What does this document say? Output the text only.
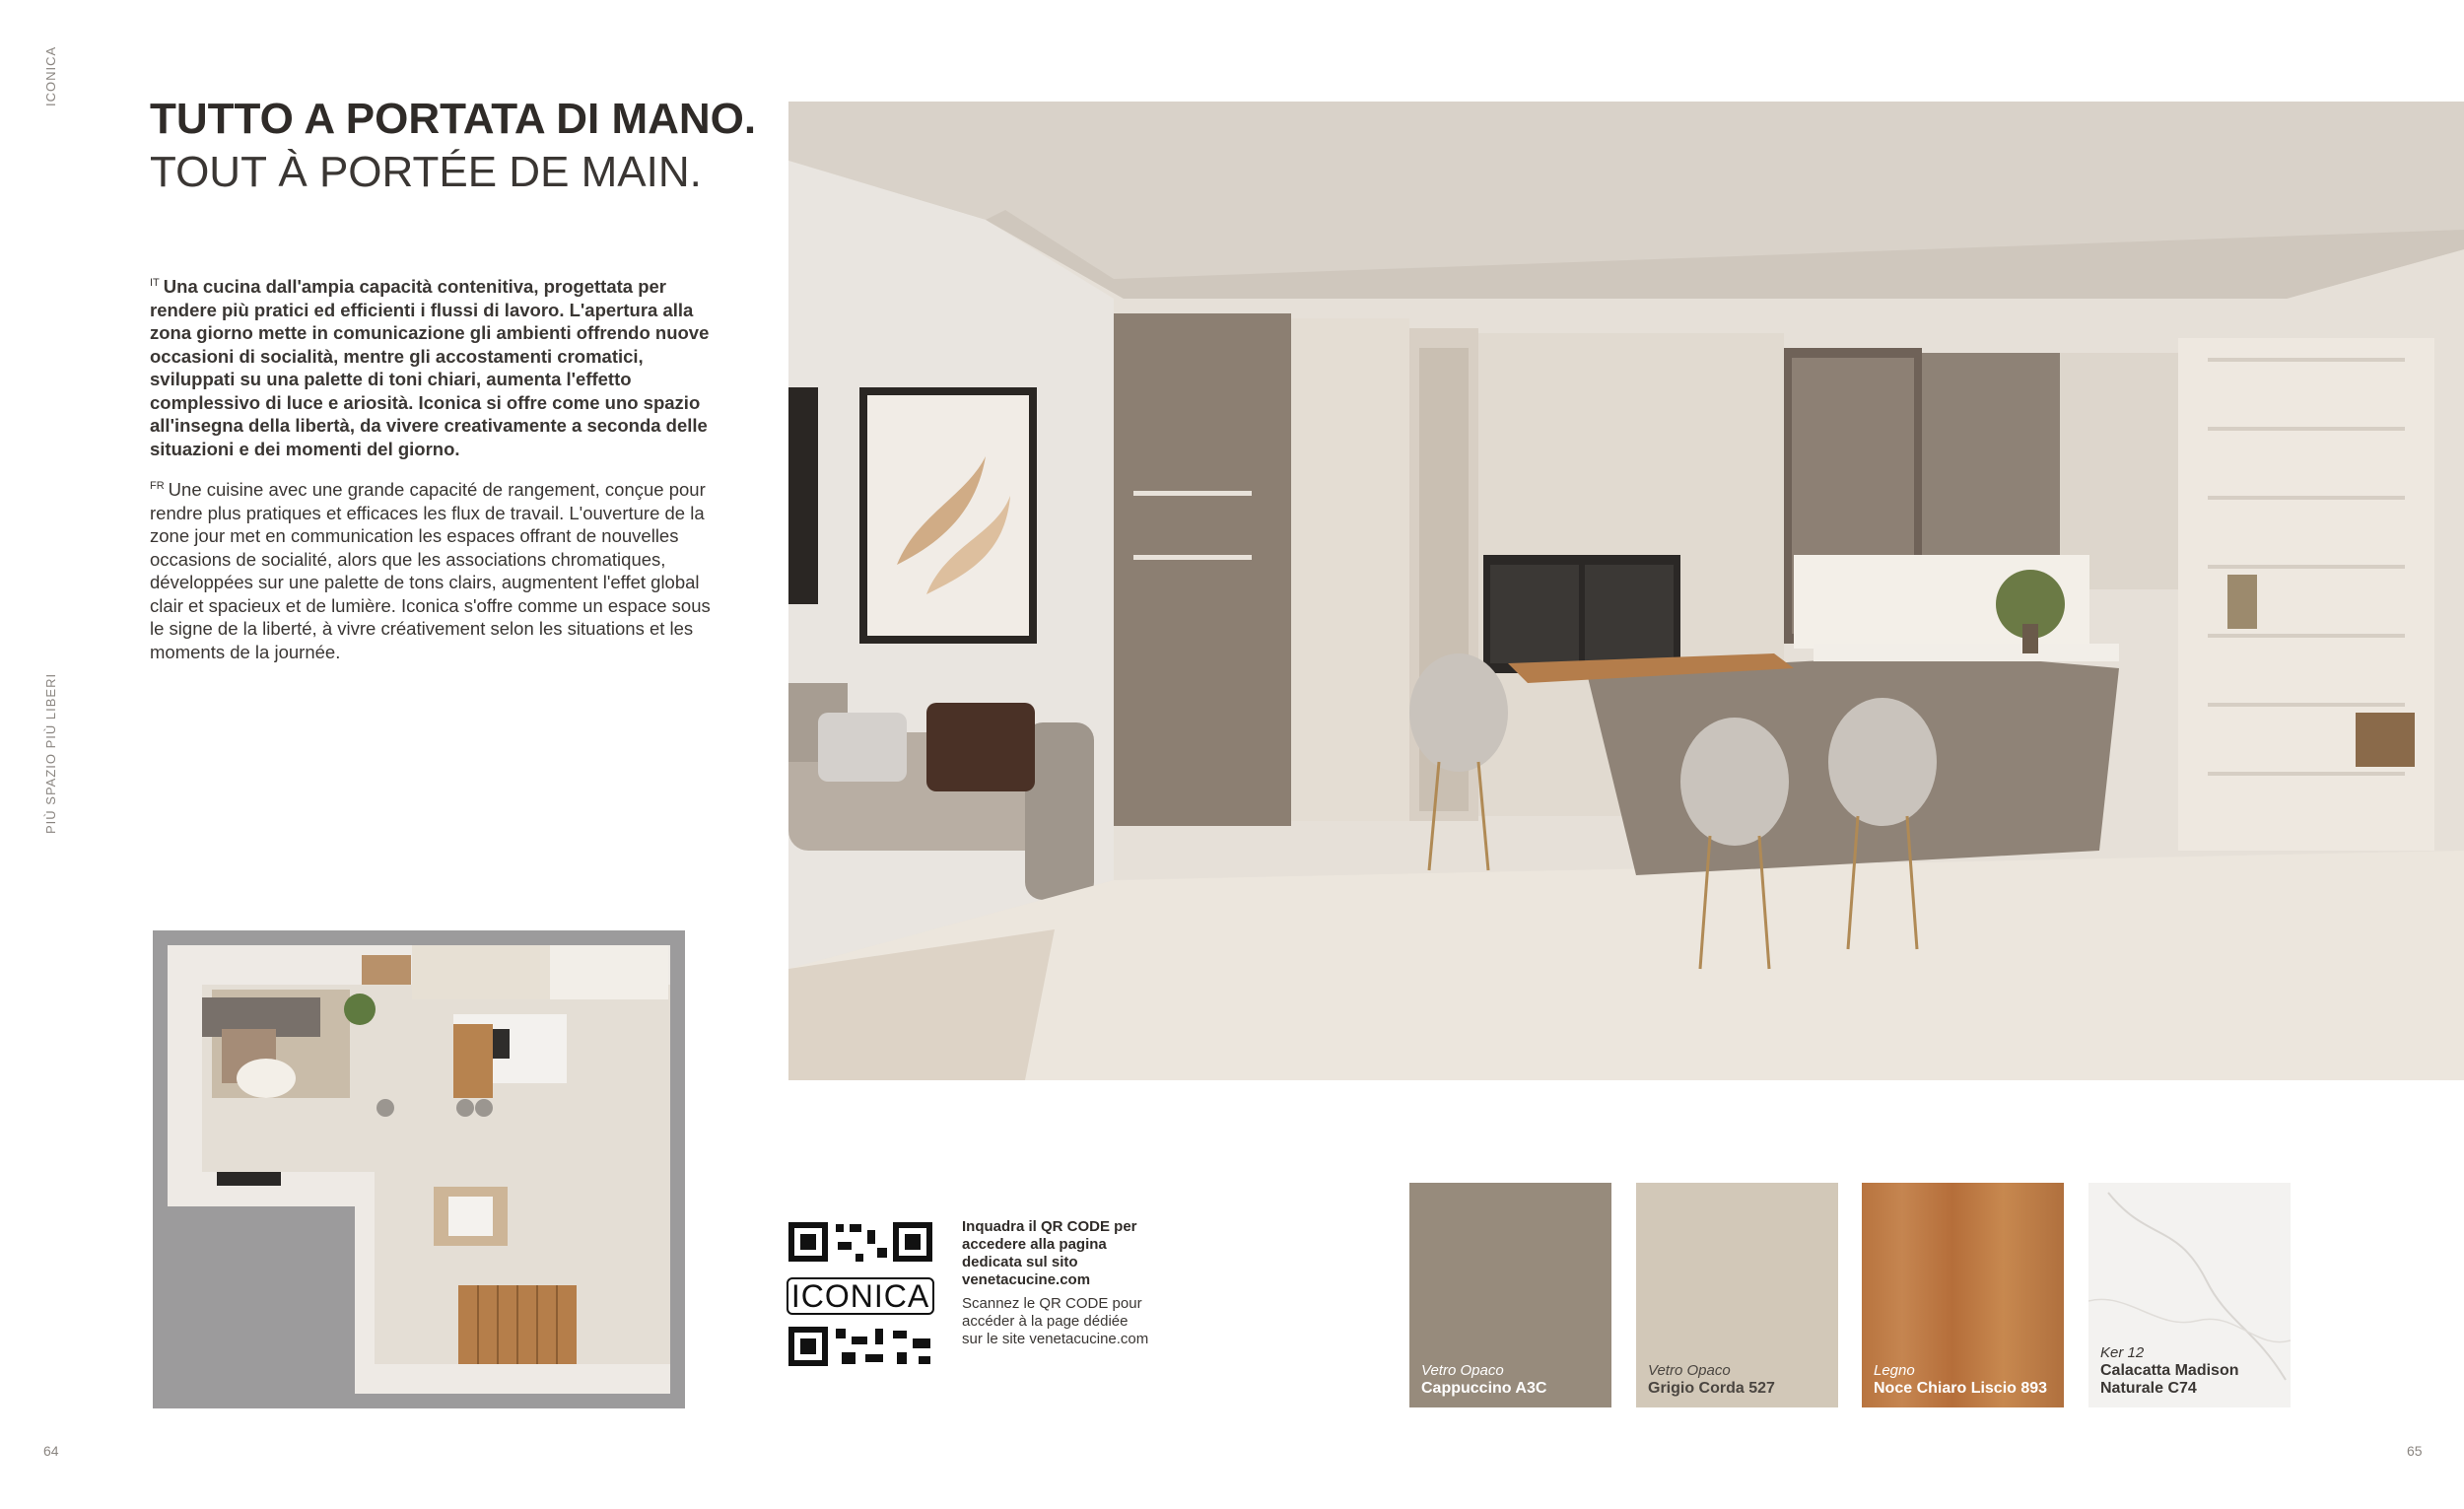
ICONICA
PIÙ SPAZIO PIÙ LIBERI
64	65
TUTTO A PORTATA DI MANO.
TOUT À PORTÉE DE MAIN.
$^{IT}$ Una cucina dall'ampia capacità contenitiva, progettata per rendere più pratici ed efficienti i flussi di lavoro. L'apertura alla zona giorno mette in comunicazione gli ambienti offrendo nuove occasioni di socialità, mentre gli accostamenti cromatici, sviluppati su una palette di toni chiari, aumenta l'effetto complessivo di luce e ariosità. Iconica si offre come uno spazio all'insegna della libertà, da vivere creativamente a seconda delle situazioni e dei momenti del giorno.
$^{FR}$ Une cuisine avec une grande capacité de rangement, conçue pour rendre plus pratiques et efficaces les flux de travail. L'ouverture de la zone jour met en communication les espaces offrant de nouvelles occasions de socialité, alors que les associations chromatiques, développées sur une palette de tons clairs, augmentent l'effet global clair et spacieux et de lumière. Iconica s'offre comme un espace sous le signe de la liberté, à vivre créativement selon les situations et les moments de la journée.
ICONICA
Inquadra il QR CODE per accedere alla pagina dedicata sul sito venetacucine.com
Scannez le QR CODE pour accéder à la page dédiée sur le site venetacucine.com
Vetro Opaco
Cappuccino A3C
Vetro Opaco
Grigio Corda 527
Legno
Noce Chiaro Liscio 893
Ker 12
Calacatta Madison Naturale C74
